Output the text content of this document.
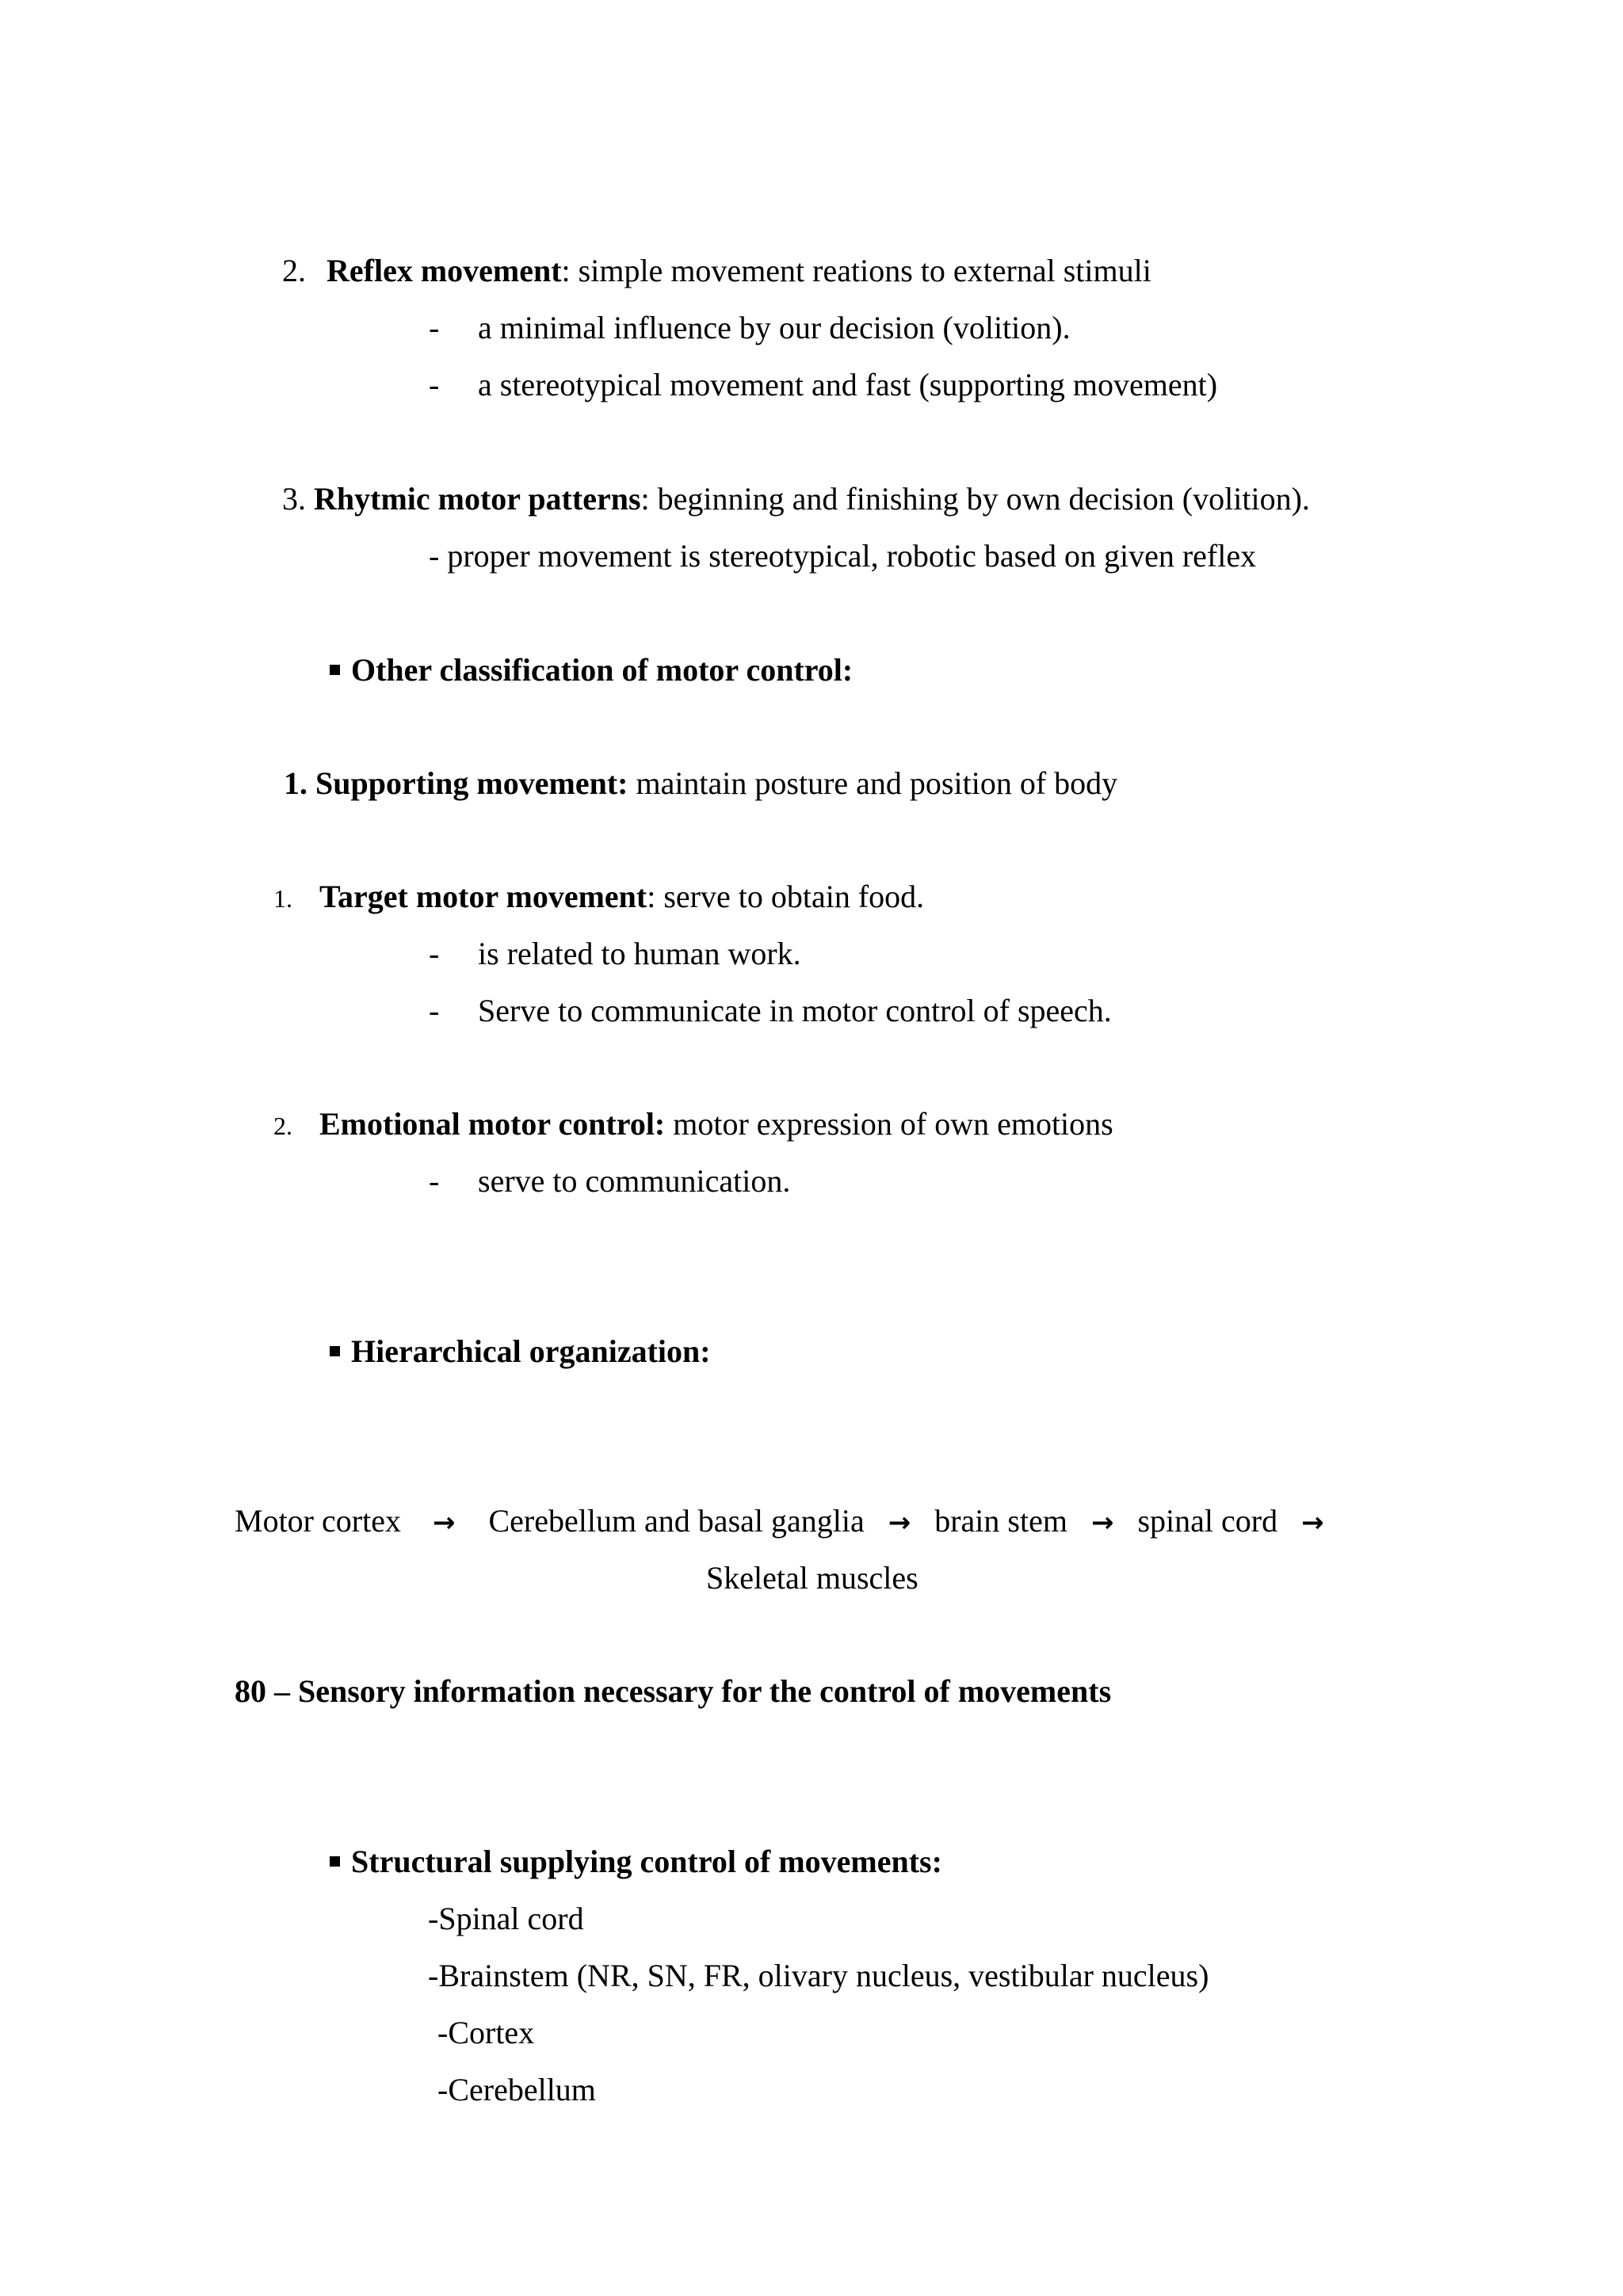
2. Reflex movement: simple movement reations to external stimuli
- a minimal influence by our decision (volition).
- a stereotypical movement and fast (supporting movement)
3. Rhytmic motor patterns: beginning and finishing by own decision (volition).
- proper movement is stereotypical, robotic based on given reflex
Other classification of motor control:
1. Supporting movement: maintain posture and position of body
1. Target motor movement: serve to obtain food.
- is related to human work.
- Serve to communicate in motor control of speech.
2. Emotional motor control: motor expression of own emotions
- serve to communication.
Hierarchical organization:
Motor cortex → Cerebellum and basal ganglia → brain stem → spinal cord →
Skeletal muscles
80 – Sensory information necessary for the control of movements
Structural supplying control of movements:
-Spinal cord
-Brainstem (NR, SN, FR, olivary nucleus, vestibular nucleus)
-Cortex
-Cerebellum
